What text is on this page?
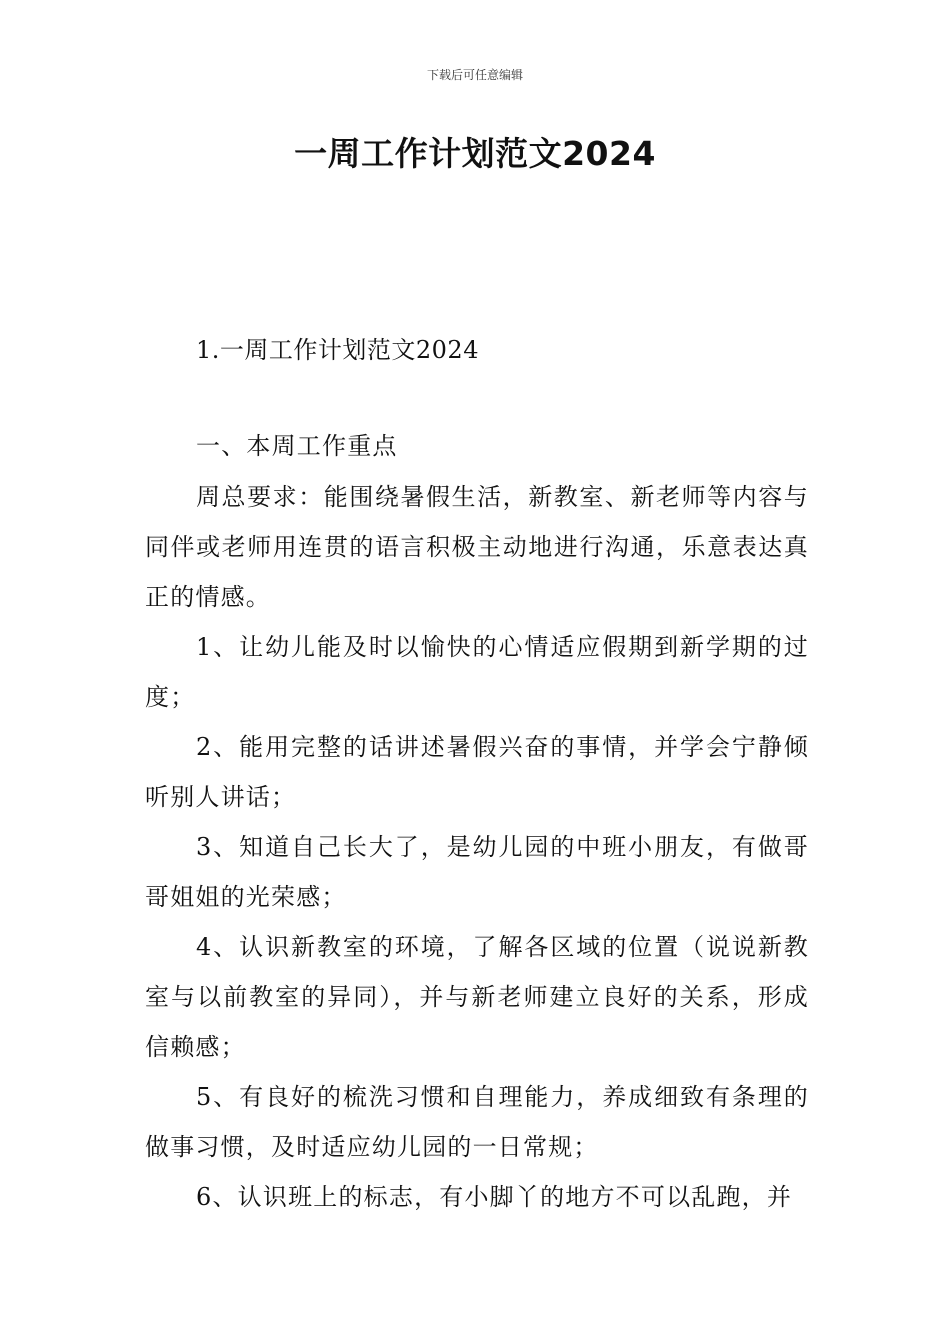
下载后可任意编辑
一周工作计划范文2024
1.一周工作计划范文2024
一、本周工作重点

周总要求：能围绕暑假生活，新教室、新老师等内容与同伴或老师用连贯的语言积极主动地进行沟通，乐意表达真正的情感。

1、让幼儿能及时以愉快的心情适应假期到新学期的过度；

2、能用完整的话讲述暑假兴奋的事情，并学会宁静倾听别人讲话；

3、知道自己长大了，是幼儿园的中班小朋友，有做哥哥姐姐的光荣感；

4、认识新教室的环境，了解各区域的位置（说说新教室与以前教室的异同），并与新老师建立良好的关系，形成信赖感；

5、有良好的梳洗习惯和自理能力，养成细致有条理的做事习惯，及时适应幼儿园的一日常规；

6、认识班上的标志，有小脚丫的地方不可以乱跑，并
